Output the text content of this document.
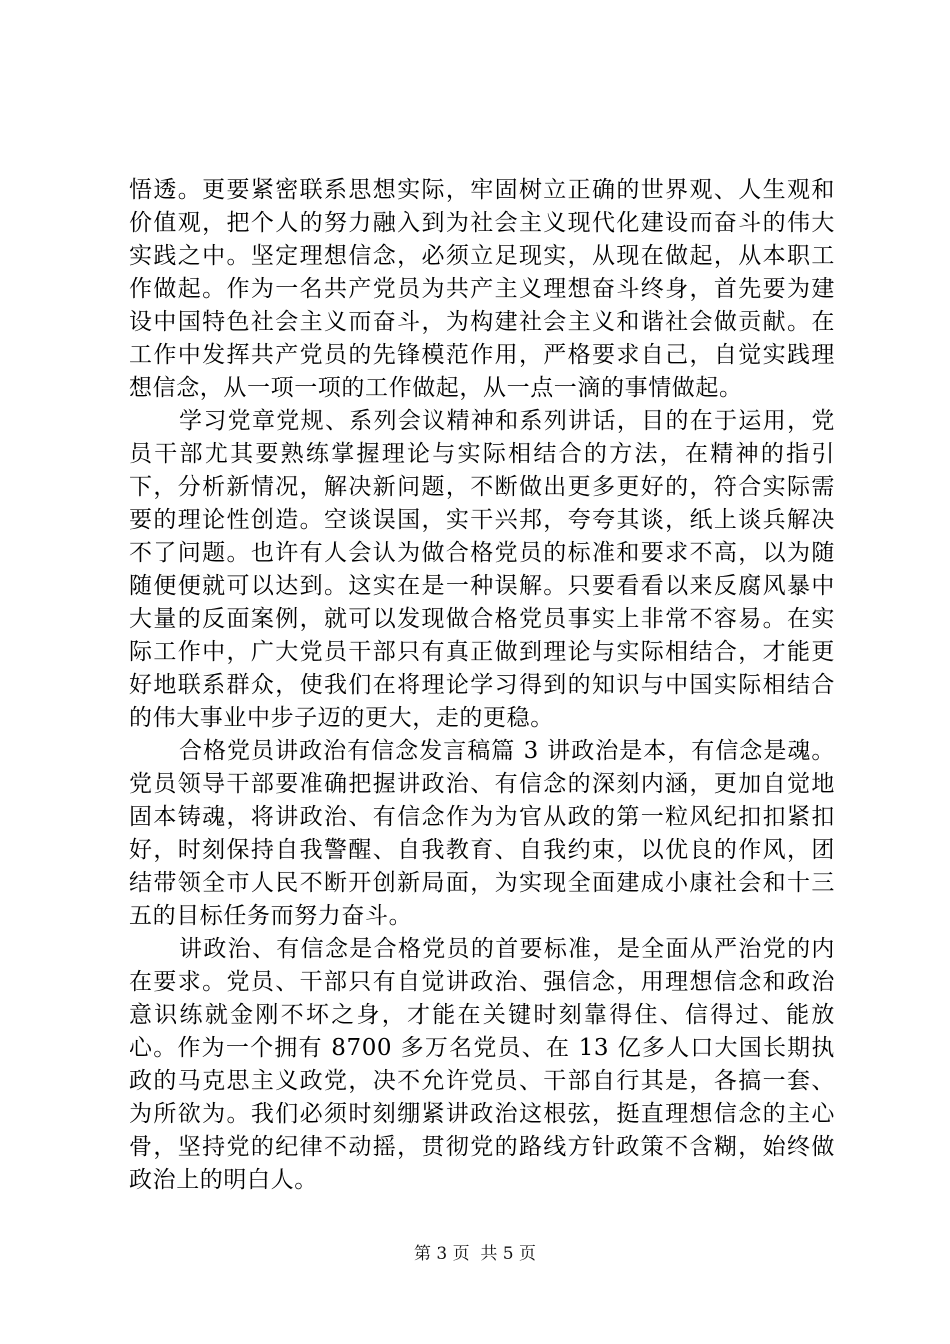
悟透。更要紧密联系思想实际，牢固树立正确的世界观、人生观和价值观，把个人的努力融入到为社会主义现代化建设而奋斗的伟大实践之中。坚定理想信念，必须立足现实，从现在做起，从本职工作做起。作为一名共产党员为共产主义理想奋斗终身，首先要为建设中国特色社会主义而奋斗，为构建社会主义和谐社会做贡献。在工作中发挥共产党员的先锋模范作用，严格要求自己，自觉实践理想信念，从一项一项的工作做起，从一点一滴的事情做起。

学习党章党规、系列会议精神和系列讲话，目的在于运用，党员干部尤其要熟练掌握理论与实际相结合的方法，在精神的指引下，分析新情况，解决新问题，不断做出更多更好的，符合实际需要的理论性创造。空谈误国，实干兴邦，夸夸其谈，纸上谈兵解决不了问题。也许有人会认为做合格党员的标准和要求不高，以为随随便便就可以达到。这实在是一种误解。只要看看以来反腐风暴中大量的反面案例，就可以发现做合格党员事实上非常不容易。在实际工作中，广大党员干部只有真正做到理论与实际相结合，才能更好地联系群众，使我们在将理论学习得到的知识与中国实际相结合的伟大事业中步子迈的更大，走的更稳。

合格党员讲政治有信念发言稿篇 3 讲政治是本，有信念是魂。党员领导干部要准确把握讲政治、有信念的深刻内涵，更加自觉地固本铸魂，将讲政治、有信念作为为官从政的第一粒风纪扣扣紧扣好，时刻保持自我警醒、自我教育、自我约束，以优良的作风，团结带领全市人民不断开创新局面，为实现全面建成小康社会和十三五的目标任务而努力奋斗。

讲政治、有信念是合格党员的首要标准，是全面从严治党的内在要求。党员、干部只有自觉讲政治、强信念，用理想信念和政治意识练就金刚不坏之身，才能在关键时刻靠得住、信得过、能放心。作为一个拥有 8700 多万名党员、在 13 亿多人口大国长期执政的马克思主义政党，决不允许党员、干部自行其是，各搞一套、为所欲为。我们必须时刻绷紧讲政治这根弦，挺直理想信念的主心骨，坚持党的纪律不动摇，贯彻党的路线方针政策不含糊，始终做政治上的明白人。

第 3 页  共 5 页
